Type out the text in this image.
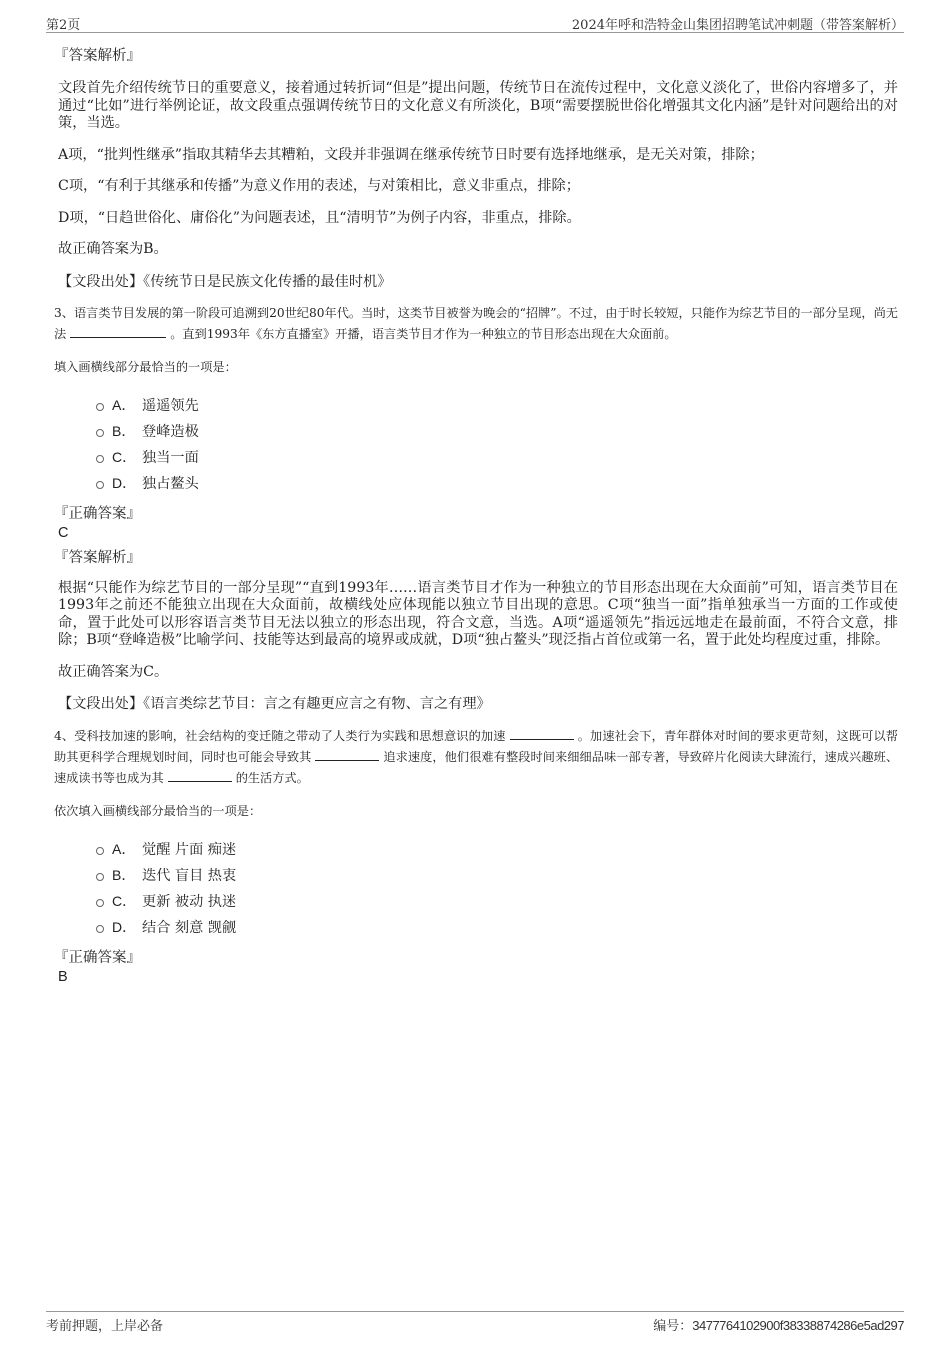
第2页	2024年呼和浩特金山集团招聘笔试冲刺题（带答案解析）
『答案解析』
文段首先介绍传统节日的重要意义，接着通过转折词“但是”提出问题，传统节日在流传过程中，文化意义淡化了，世俗内容增多了，并通过“比如”进行举例论证，故文段重点强调传统节日的文化意义有所淡化，B项“需要摆脱世俗化增强其文化内涵”是针对问题给出的对策，当选。
A项，“批判性继承”指取其精华去其糟粕，文段并非强调在继承传统节日时要有选择地继承，是无关对策，排除；
C项，“有利于其继承和传播”为意义作用的表述，与对策相比，意义非重点，排除；
D项，“日趋世俗化、庸俗化”为问题表述，且“清明节”为例子内容，非重点，排除。
故正确答案为B。
【文段出处】《传统节日是民族文化传播的最佳时机》
3、语言类节目发展的第一阶段可追溯到20世纪80年代。当时，这类节目被誉为晚会的“招牌”。不过，由于时长较短，只能作为综艺节目的一部分呈现，尚无法	。直到1993年《东方直播室》开播，语言类节目才作为一种独立的节目形态出现在大众面前。
填入画横线部分最恰当的一项是：
A． 遥遥领先
B． 登峰造极
C． 独当一面
D． 独占鳌头
『正确答案』
C
『答案解析』
根据“只能作为综艺节目的一部分呈现”“直到1993年……语言类节目才作为一种独立的节目形态出现在大众面前”可知，语言类节目在1993年之前还不能独立出现在大众面前，故横线处应体现能以独立节目出现的意思。C项“独当一面”指单独承当一方面的工作或使命，置于此处可以形容语言类节目无法以独立的形态出现，符合文意，当选。A项“遥遥领先”指远远地走在最前面，不符合文意，排除；B项“登峰造极”比喻学问、技能等达到最高的境界或成就，D项“独占鳌头”现泛指占首位或第一名，置于此处均程度过重，排除。
故正确答案为C。
【文段出处】《语言类综艺节目：言之有趣更应言之有物、言之有理》
4、受科技加速的影响，社会结构的变迁随之带动了人类行为实践和思想意识的加速	。加速社会下，青年群体对时间的要求更苛刻，这既可以帮助其更科学合理规划时间，同时也可能会导致其	追求速度，他们很难有整段时间来细细品味一部专著，导致碎片化阅读大肆流行，速成兴趣班、速成读书等也成为其	的生活方式。
依次填入画横线部分最恰当的一项是：
A． 觉醒 片面 痴迷
B． 迭代 盲目 热衷
C． 更新 被动 执迷
D． 结合 刻意 觊觎
『正确答案』
B
考前押题，上岸必备	编号：3477764102900f38338874286e5ad297
